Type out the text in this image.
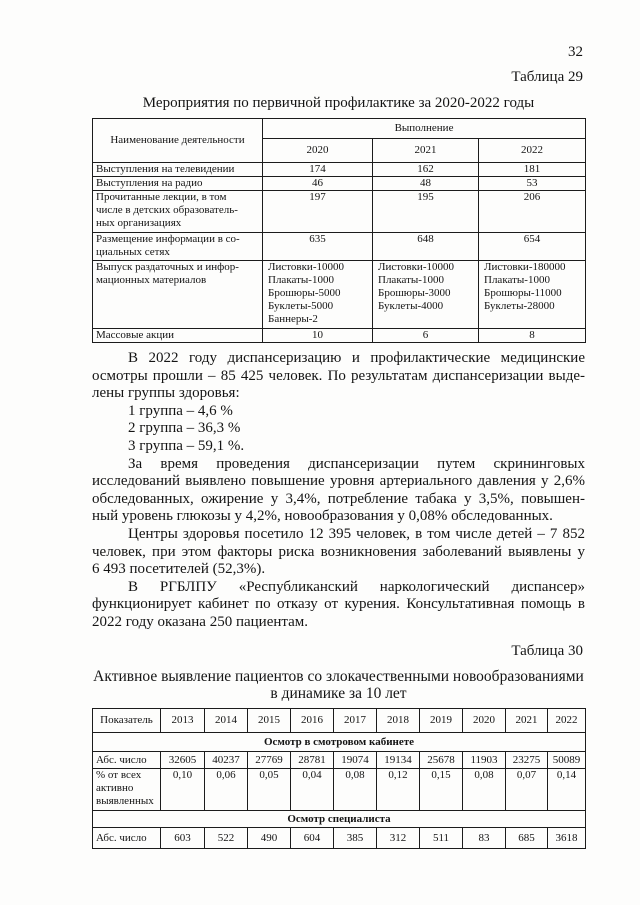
32
Таблица 29
Мероприятия по первичной профилактике за 2020-2022 годы
Наименование деятельности	Выполнение		
	2020	2021	2022

Выступления на телевидении	174	162	181

Выступления на радио	46	48	53

Прочитанные лекции, в том
числе в детских образователь-
ных организациях	197	195	206

Размещение информации в со-
циальных сетях	635	648	654

Выпуск раздаточных и инфор-
мационных материалов	Листовки-10000
Плакаты-1000
Брошюры-5000
Буклеты-5000
Баннеры-2	Листовки-10000
Плакаты-1000
Брошюры-3000
Буклеты-4000	Листовки-180000
Плакаты-1000
Брошюры-11000
Буклеты-28000

Массовые акции	10	6	8
В 2022 году диспансеризацию и профилактические медицинские
осмотры прошли – 85 425 человек. По результатам диспансеризации выде-
лены группы здоровья:
1 группа – 4,6 %
2 группа – 36,3 %
3 группа – 59,1 %.
За время проведения диспансеризации путем скрининговых
исследований выявлено повышение уровня артериального давления у 2,6%
обследованных, ожирение у 3,4%, потребление табака у 3,5%, повышен-
ный уровень глюкозы у 4,2%, новообразования у 0,08% обследованных.
Центры здоровья посетило 12 395 человек, в том числе детей – 7 852
человек, при этом факторы риска возникновения заболеваний выявлены у
6 493 посетителей (52,3%).
В РГБЛПУ «Республиканский наркологический диспансер»
функционирует кабинет по отказу от курения. Консультативная помощь в
2022 году оказана 250 пациентам.
Таблица 30
Активное выявление пациентов со злокачественными новообразованиями
в динамике за 10 лет
Показатель	2013	2014	2015	2016	2017	2018	2019	2020	2021	2022
Осмотр в смотровом кабинете										

Абс. число	32605	40237	27769	28781	19074	19134	25678	11903	23275	50089

% от всех
активно
выявленных	0,10	0,06	0,05	0,04	0,08	0,12	0,15	0,08	0,07	0,14
Осмотр специалиста										

Абс. число	603	522	490	604	385	312	511	83	685	3618
